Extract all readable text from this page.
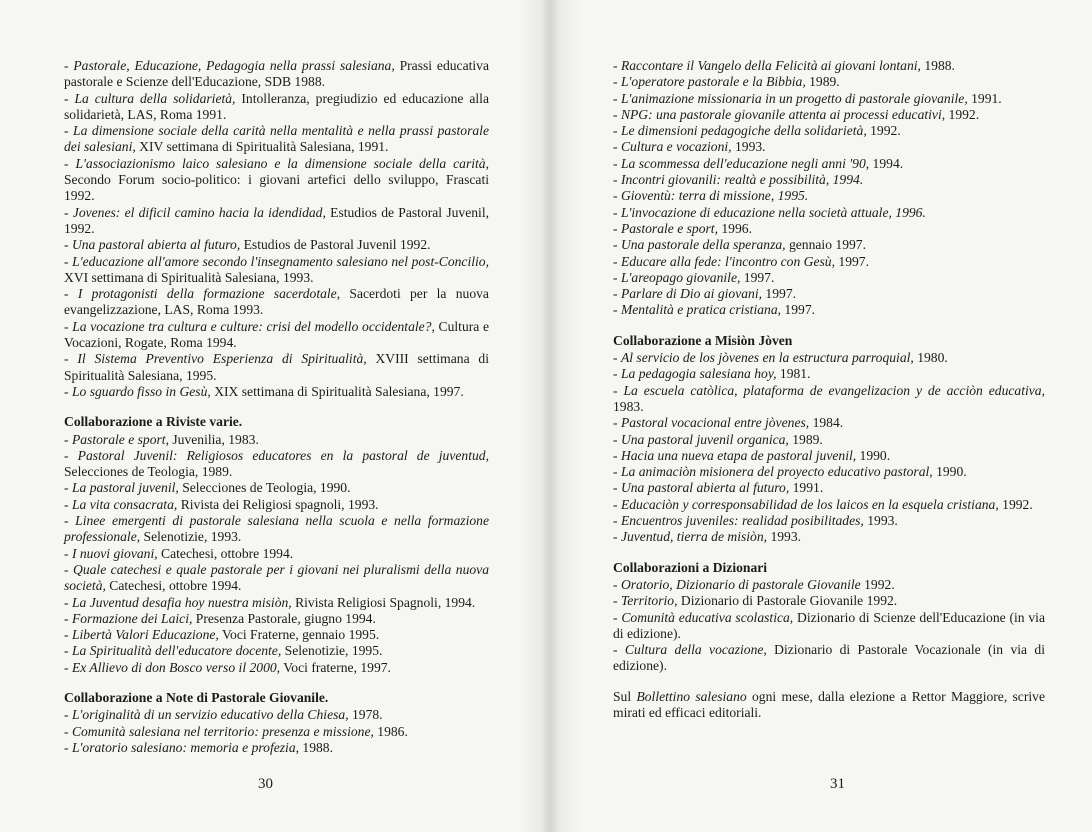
- Pastorale, Educazione, Pedagogia nella prassi salesiana, Prassi educativa pastorale e Scienze dell'Educazione, SDB 1988.
- La cultura della solidarietà, Intolleranza, pregiudizio ed educazione alla solidarietà, LAS, Roma 1991.
- La dimensione sociale della carità nella mentalità e nella prassi pastorale dei salesiani, XIV settimana di Spiritualità Salesiana, 1991.
- L'associazionismo laico salesiano e la dimensione sociale della carità, Secondo Forum socio-politico: i giovani artefici dello sviluppo, Frascati 1992.
- Jovenes: el dificil camino hacia la idendidad, Estudios de Pastoral Juvenil, 1992.
- Una pastoral abierta al futuro, Estudios de Pastoral Juvenil 1992.
- L'educazione all'amore secondo l'insegnamento salesiano nel post-Concilio, XVI settimana di Spiritualità Salesiana, 1993.
- I protagonisti della formazione sacerdotale, Sacerdoti per la nuova evangelizzazione, LAS, Roma 1993.
- La vocazione tra cultura e culture: crisi del modello occidentale?, Cultura e Vocazioni, Rogate, Roma 1994.
- Il Sistema Preventivo Esperienza di Spiritualità, XVIII settimana di Spiritualità Salesiana, 1995.
- Lo sguardo fisso in Gesù, XIX settimana di Spiritualità Salesiana, 1997.
Collaborazione a Riviste varie.
- Pastorale e sport, Juvenilia, 1983.
- Pastoral Juvenil: Religiosos educatores en la pastoral de juventud, Selecciones de Teologia, 1989.
- La pastoral juvenil, Selecciones de Teologia, 1990.
- La vita consacrata, Rivista dei Religiosi spagnoli, 1993.
- Linee emergenti di pastorale salesiana nella scuola e nella formazione professionale, Selenotizie, 1993.
- I nuovi giovani, Catechesi, ottobre 1994.
- Quale catechesi e quale pastorale per i giovani nei pluralismi della nuova società, Catechesi, ottobre 1994.
- La Juventud desafia hoy nuestra misiòn, Rivista Religiosi Spagnoli, 1994.
- Formazione dei Laici, Presenza Pastorale, giugno 1994.
- Libertà Valori Educazione, Voci Fraterne, gennaio 1995.
- La Spiritualità dell'educatore docente, Selenotizie, 1995.
- Ex Allievo di don Bosco verso il 2000, Voci fraterne, 1997.
Collaborazione a Note di Pastorale Giovanile.
- L'originalità di un servizio educativo della Chiesa, 1978.
- Comunità salesiana nel territorio: presenza e missione, 1986.
- L'oratorio salesiano: memoria e profezia, 1988.
30
- Raccontare il Vangelo della Felicità ai giovani lontani, 1988.
- L'operatore pastorale e la Bibbia, 1989.
- L'animazione missionaria in un progetto di pastorale giovanile, 1991.
- NPG: una pastorale giovanile attenta ai processi educativi, 1992.
- Le dimensioni pedagogiche della solidarietà, 1992.
- Cultura e vocazioni, 1993.
- La scommessa dell'educazione negli anni '90, 1994.
- Incontri giovanili: realtà e possibilità, 1994.
- Gioventù: terra di missione, 1995.
- L'invocazione di educazione nella società attuale, 1996.
- Pastorale e sport, 1996.
- Una pastorale della speranza, gennaio 1997.
- Educare alla fede: l'incontro con Gesù, 1997.
- L'areopago giovanile, 1997.
- Parlare di Dio ai giovani, 1997.
- Mentalità e pratica cristiana, 1997.
Collaborazione a Misiòn Jòven
- Al servicio de los jòvenes en la estructura parroquial, 1980.
- La pedagogia salesiana hoy, 1981.
- La escuela catòlica, plataforma de evangelizacion y de acciòn educativa, 1983.
- Pastoral vocacional entre jòvenes, 1984.
- Una pastoral juvenil organica, 1989.
- Hacia una nueva etapa de pastoral juvenil, 1990.
- La animaciòn misionera del proyecto educativo pastoral, 1990.
- Una pastoral abierta al futuro, 1991.
- Educaciòn y corresponsabilidad de los laicos en la esquela cristiana, 1992.
- Encuentros juveniles: realidad posibilitades, 1993.
- Juventud, tierra de misiòn, 1993.
Collaborazioni a Dizionari
- Oratorio, Dizionario di pastorale Giovanile 1992.
- Territorio, Dizionario di Pastorale Giovanile 1992.
- Comunità educativa scolastica, Dizionario di Scienze dell'Educazione (in via di edizione).
- Cultura della vocazione, Dizionario di Pastorale Vocazionale (in via di edizione).
Sul Bollettino salesiano ogni mese, dalla elezione a Rettor Maggiore, scrive mirati ed efficaci editoriali.
31
